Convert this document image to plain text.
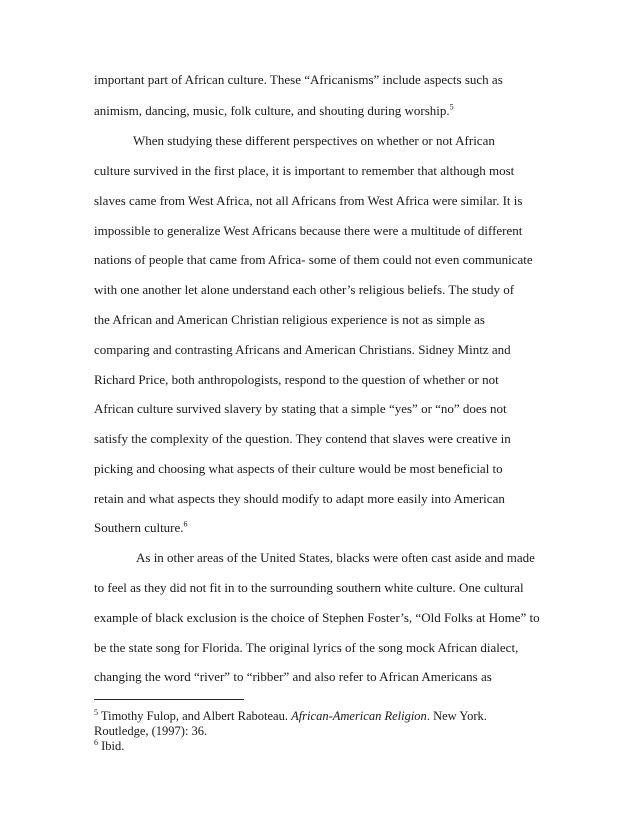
important part of African culture. These “Africanisms” include aspects such as
animism, dancing, music, folk culture, and shouting during worship.$^5$
When studying these different perspectives on whether or not African
culture survived in the first place, it is important to remember that although most
slaves came from West Africa, not all Africans from West Africa were similar. It is
impossible to generalize West Africans because there were a multitude of different
nations of people that came from Africa- some of them could not even communicate
with one another let alone understand each other’s religious beliefs. The study of
the African and American Christian religious experience is not as simple as
comparing and contrasting Africans and American Christians. Sidney Mintz and
Richard Price, both anthropologists, respond to the question of whether or not
African culture survived slavery by stating that a simple “yes” or “no” does not
satisfy the complexity of the question. They contend that slaves were creative in
picking and choosing what aspects of their culture would be most beneficial to
retain and what aspects they should modify to adapt more easily into American
Southern culture.$^6$
As in other areas of the United States, blacks were often cast aside and made
to feel as they did not fit in to the surrounding southern white culture. One cultural
example of black exclusion is the choice of Stephen Foster’s, “Old Folks at Home” to
be the state song for Florida. The original lyrics of the song mock African dialect,
changing the word “river” to “ribber” and also refer to African Americans as
$^5$ Timothy Fulop, and Albert Raboteau. African-American Religion. New York.
Routledge, (1997): 36.
$^6$ Ibid.
